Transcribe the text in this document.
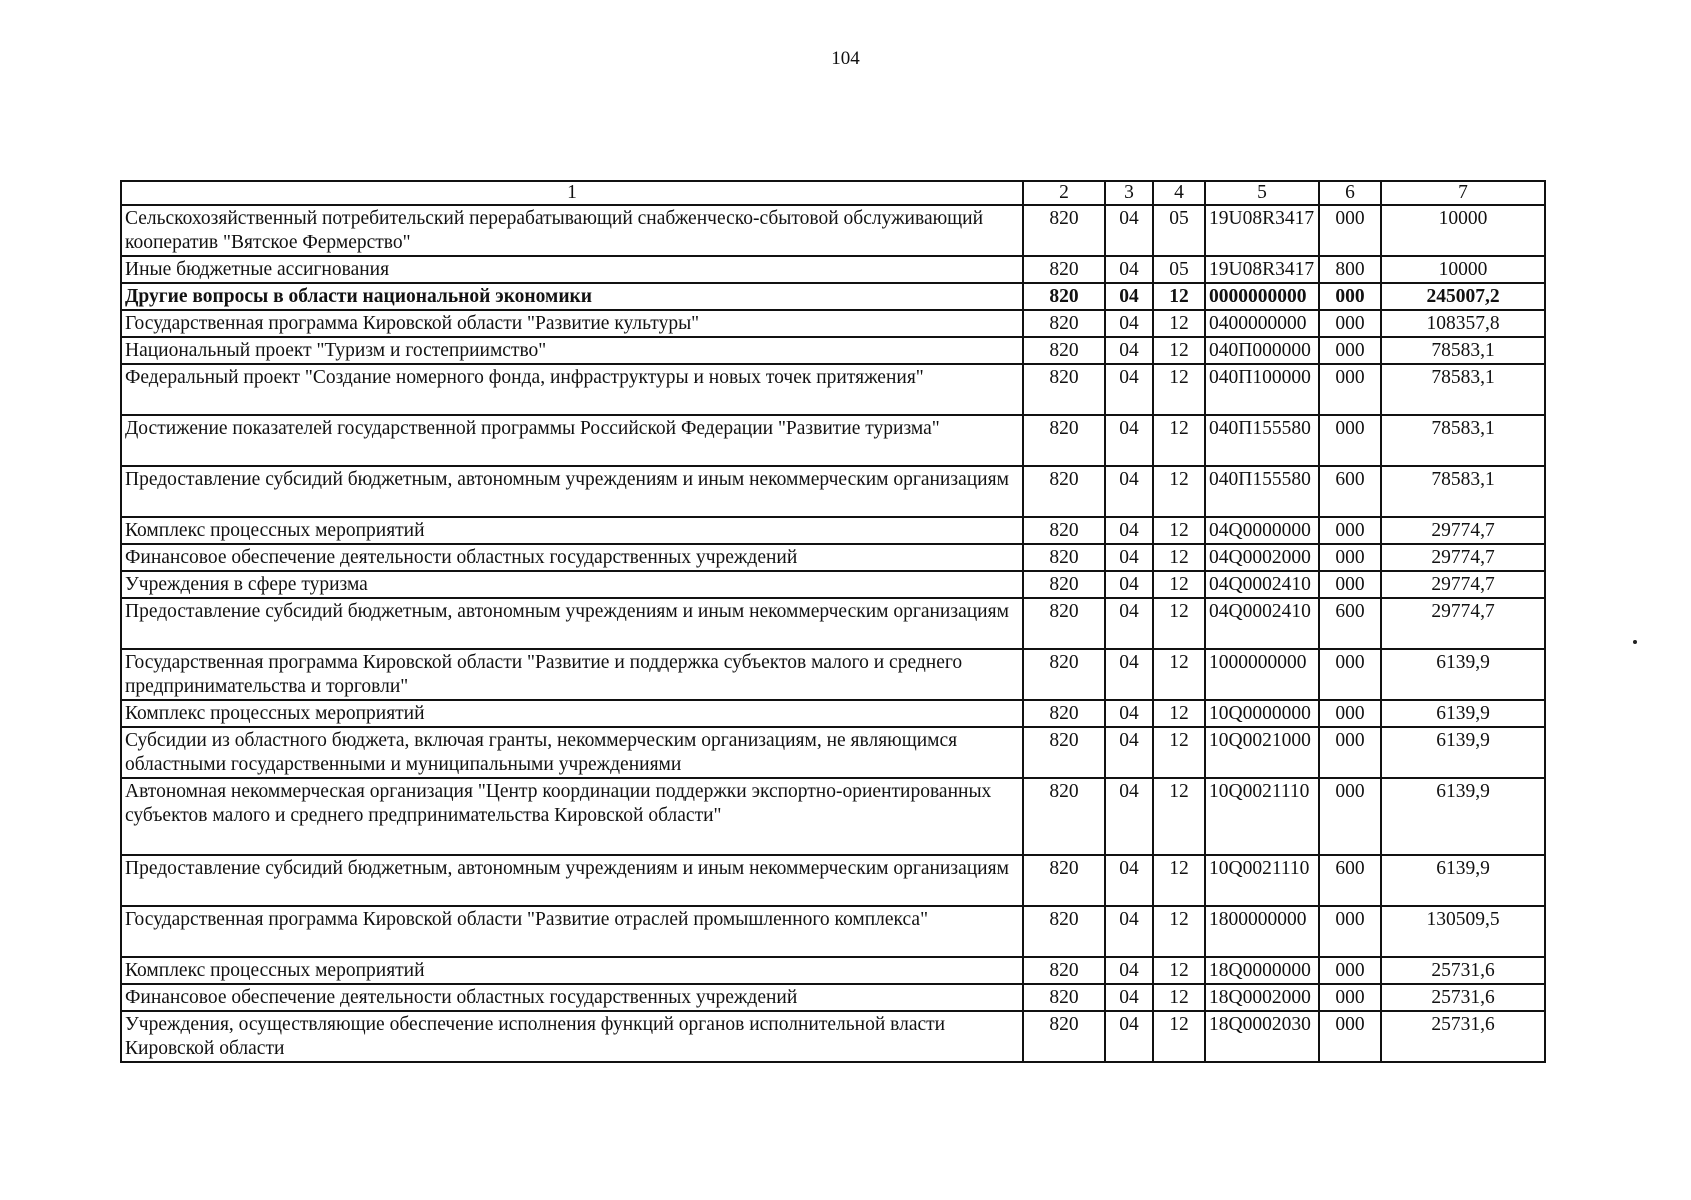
104
1	2	3	4	5	6	7
Сельскохозяйственный потребительский перерабатывающий снабженческо-сбытовой обслуживающий кооператив "Вятское Фермерство"	820	04	05	19U08R3417	000	10000
Иные бюджетные ассигнования	820	04	05	19U08R3417	800	10000
Другие вопросы в области национальной экономики	820	04	12	0000000000	000	245007,2
Государственная программа Кировской области "Развитие культуры"	820	04	12	0400000000	000	108357,8
Национальный проект "Туризм и гостеприимство"	820	04	12	040П000000	000	78583,1
Федеральный проект "Создание номерного фонда, инфраструктуры и новых точек притяжения"	820	04	12	040П100000	000	78583,1
Достижение показателей государственной программы Российской Федерации "Развитие туризма"	820	04	12	040П155580	000	78583,1
Предоставление субсидий бюджетным, автономным учреждениям и иным некоммерческим организациям	820	04	12	040П155580	600	78583,1
Комплекс процессных мероприятий	820	04	12	04Q0000000	000	29774,7
Финансовое обеспечение деятельности областных государственных учреждений	820	04	12	04Q0002000	000	29774,7
Учреждения в сфере туризма	820	04	12	04Q0002410	000	29774,7
Предоставление субсидий бюджетным, автономным учреждениям и иным некоммерческим организациям	820	04	12	04Q0002410	600	29774,7
Государственная программа Кировской области "Развитие и поддержка субъектов малого и среднего предпринимательства и торговли"	820	04	12	1000000000	000	6139,9
Комплекс процессных мероприятий	820	04	12	10Q0000000	000	6139,9
Субсидии из областного бюджета, включая гранты, некоммерческим организациям, не являющимся областными государственными и муниципальными учреждениями	820	04	12	10Q0021000	000	6139,9
Автономная некоммерческая организация "Центр координации поддержки экспортно-ориентированных субъектов малого и среднего предпринимательства Кировской области"	820	04	12	10Q0021110	000	6139,9
Предоставление субсидий бюджетным, автономным учреждениям и иным некоммерческим организациям	820	04	12	10Q0021110	600	6139,9
Государственная программа Кировской области "Развитие отраслей промышленного комплекса"	820	04	12	1800000000	000	130509,5
Комплекс процессных мероприятий	820	04	12	18Q0000000	000	25731,6
Финансовое обеспечение деятельности областных государственных учреждений	820	04	12	18Q0002000	000	25731,6
Учреждения, осуществляющие обеспечение исполнения функций органов исполнительной власти Кировской области	820	04	12	18Q0002030	000	25731,6
